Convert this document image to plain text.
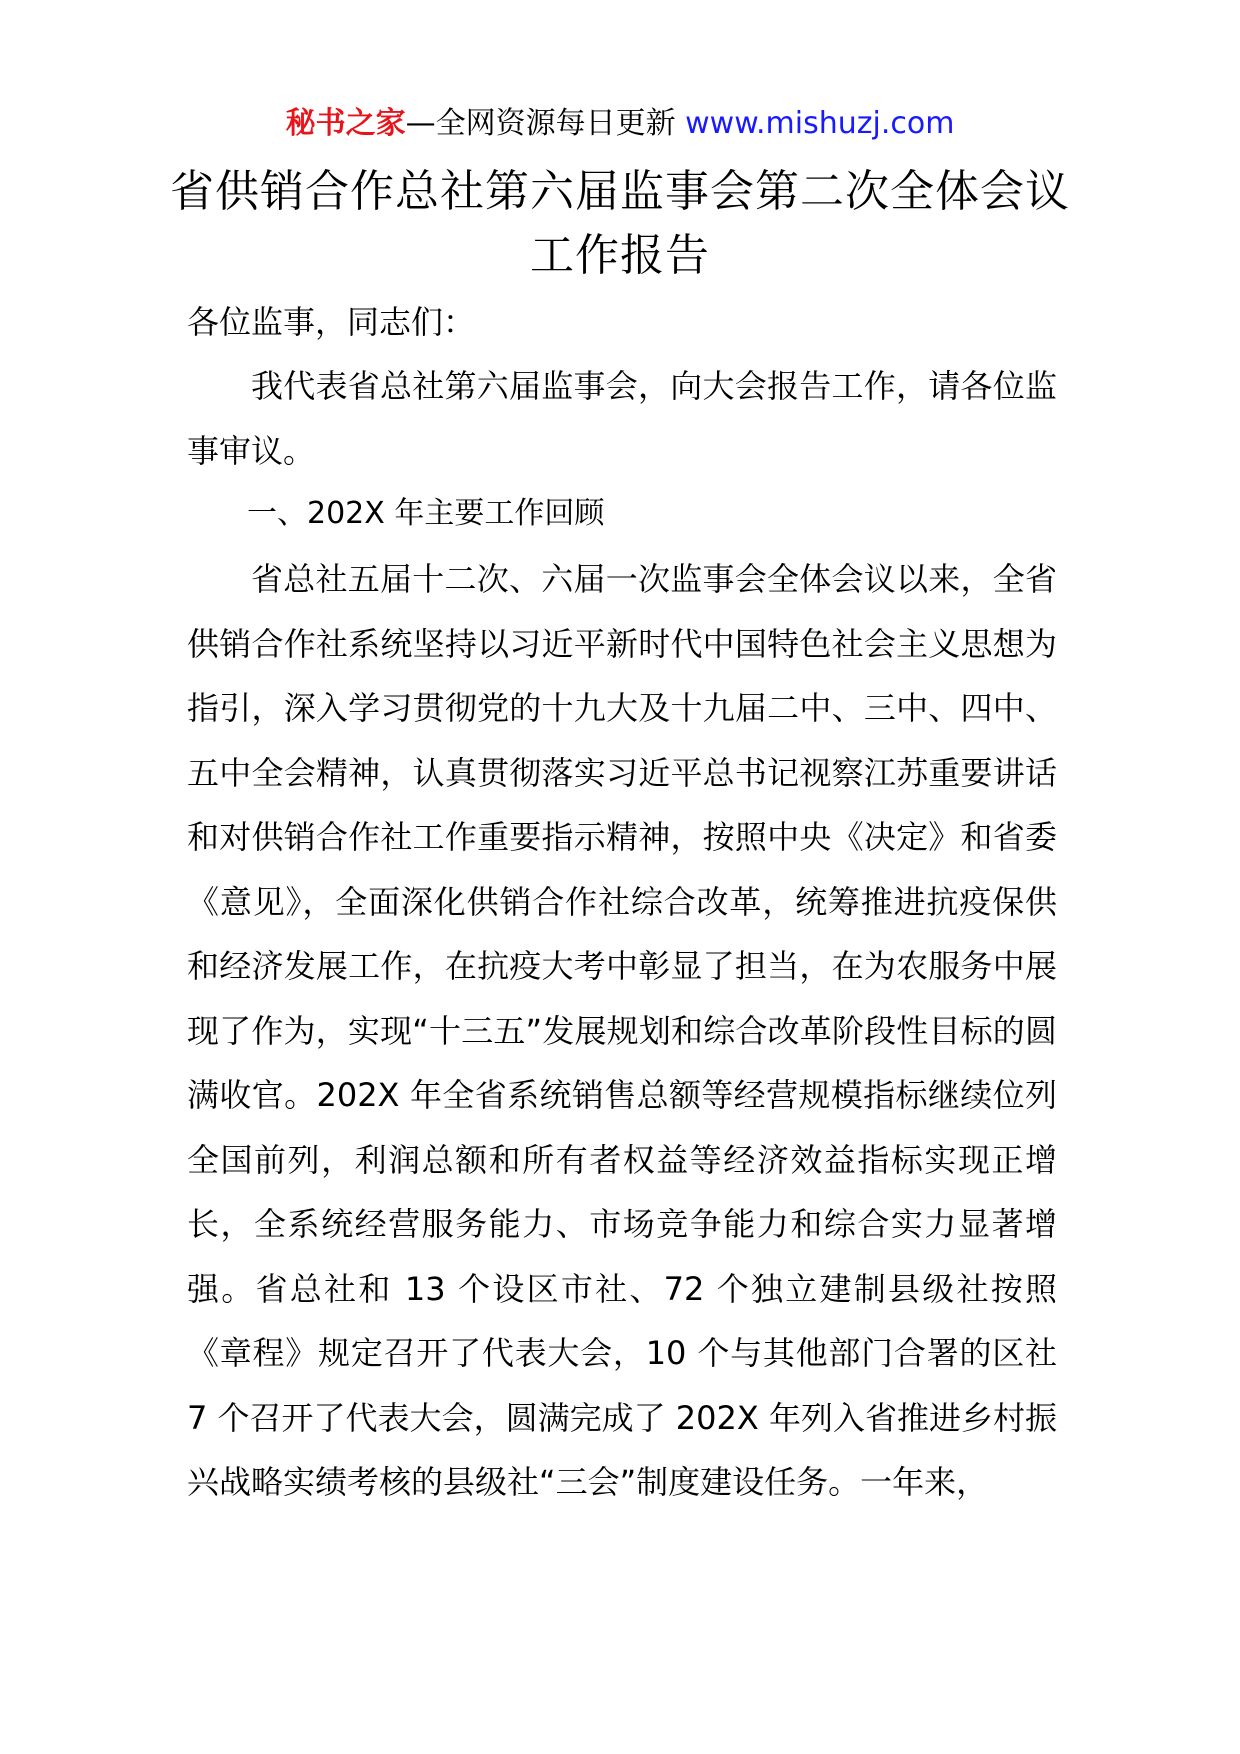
秘书之家—全网资源每日更新 www.mishuzj.com
省供销合作总社第六届监事会第二次全体会议工作报告
各位监事，同志们：

我代表省总社第六届监事会，向大会报告工作，请各位监事审议。

一、202X 年主要工作回顾

省总社五届十二次、六届一次监事会全体会议以来，全省供销合作社系统坚持以习近平新时代中国特色社会主义思想为指引，深入学习贯彻党的十九大及十九届二中、三中、四中、五中全会精神，认真贯彻落实习近平总书记视察江苏重要讲话和对供销合作社工作重要指示精神，按照中央《决定》和省委《意见》，全面深化供销合作社综合改革，统筹推进抗疫保供和经济发展工作，在抗疫大考中彰显了担当，在为农服务中展现了作为，实现“十三五”发展规划和综合改革阶段性目标的圆满收官。202X 年全省系统销售总额等经营规模指标继续位列全国前列，利润总额和所有者权益等经济效益指标实现正增长，全系统经营服务能力、市场竞争能力和综合实力显著增强。省总社和 13 个设区市社、72 个独立建制县级社按照《章程》规定召开了代表大会，10 个与其他部门合署的区社 7 个召开了代表大会，圆满完成了 202X 年列入省推进乡村振兴战略实绩考核的县级社“三会”制度建设任务。一年来，
